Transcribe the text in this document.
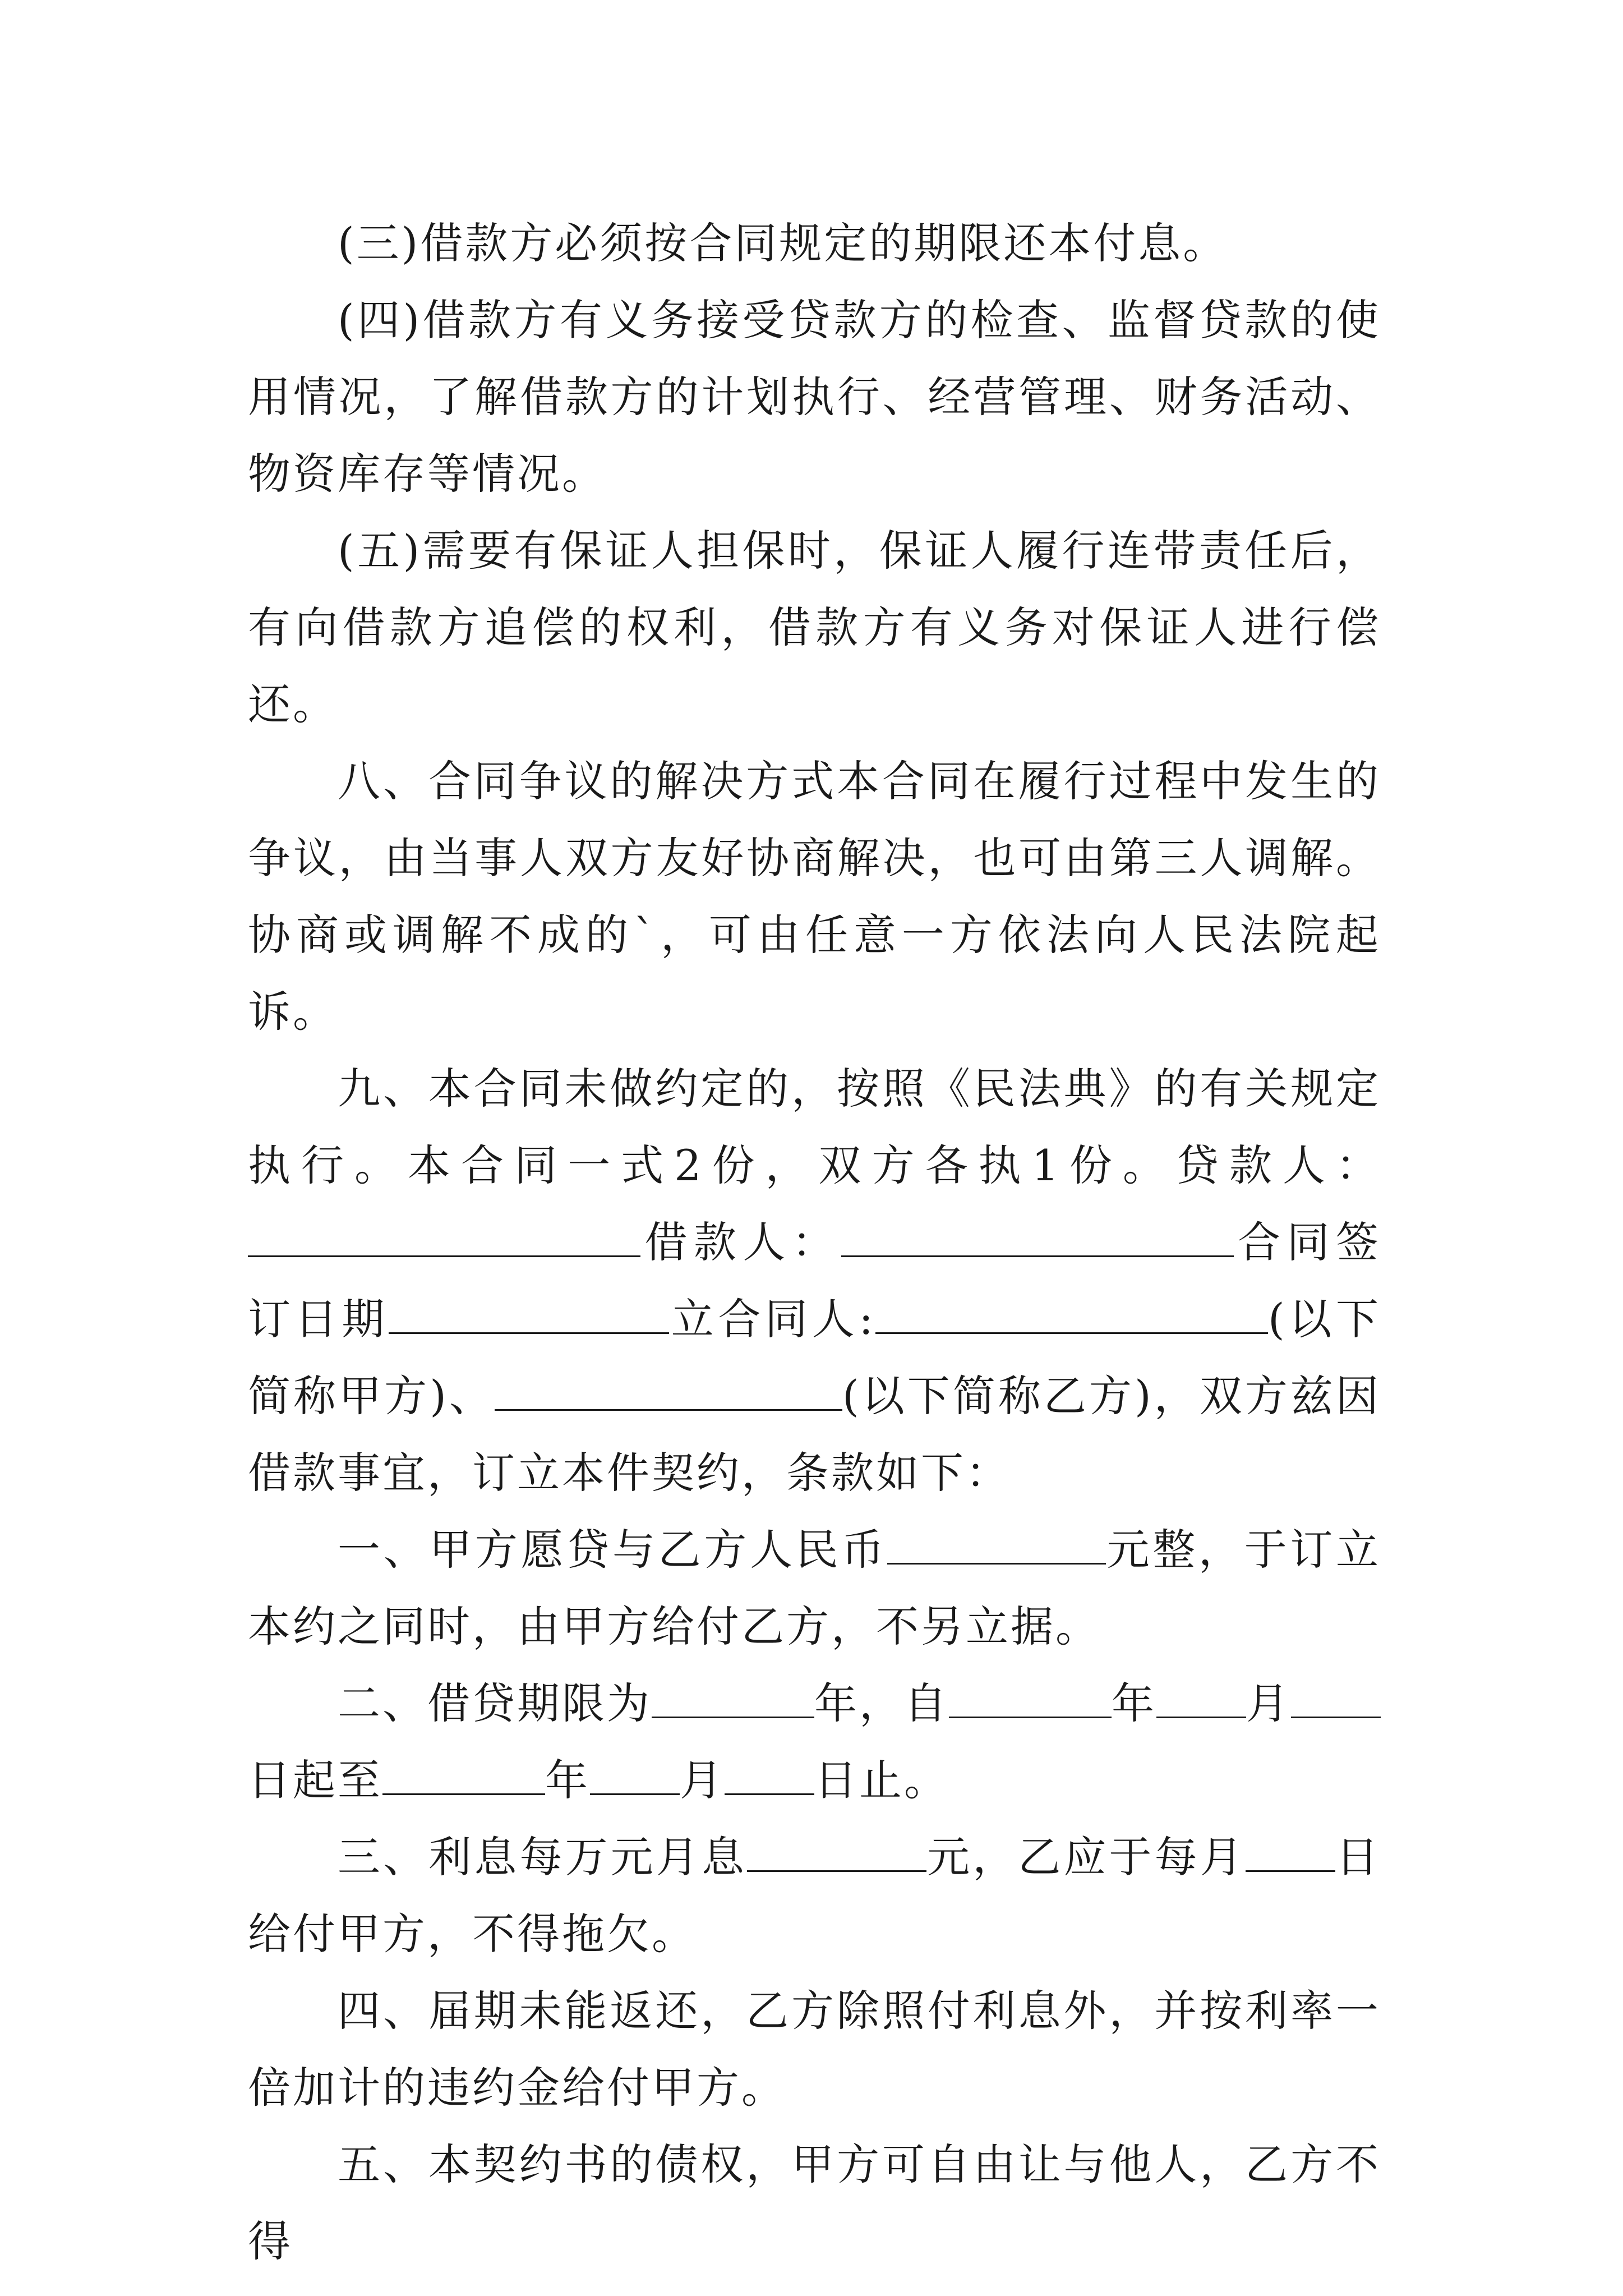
(三)借款方必须按合同规定的期限还本付息。

(四)借款方有义务接受贷款方的检查、监督贷款的使用情况，了解借款方的计划执行、经营管理、财务活动、物资库存等情况。

(五)需要有保证人担保时，保证人履行连带责任后，有向借款方追偿的权利，借款方有义务对保证人进行偿还。

八、合同争议的解决方式本合同在履行过程中发生的争议，由当事人双方友好协商解决，也可由第三人调解。协商或调解不成的`，可由任意一方依法向人民法院起诉。

九、本合同未做约定的，按照《民法典》的有关规定执行。本合同一式2份，双方各执1份。贷款人：借款人：	合同签订日期	立合同人:	(以下简称甲方)、	(以下简称乙方)，双方兹因借款事宜，订立本件契约，条款如下：

一、甲方愿贷与乙方人民币	元整，于订立本约之同时，由甲方给付乙方，不另立据。

二、借贷期限为	年，自	年 月日起至	年 月 日止。

三、利息每万元月息	元，乙应于每月 日给付甲方，不得拖欠。

四、届期未能返还，乙方除照付利息外，并按利率一倍加计的违约金给付甲方。

五、本契约书的债权，甲方可自由让与他人，乙方不得
